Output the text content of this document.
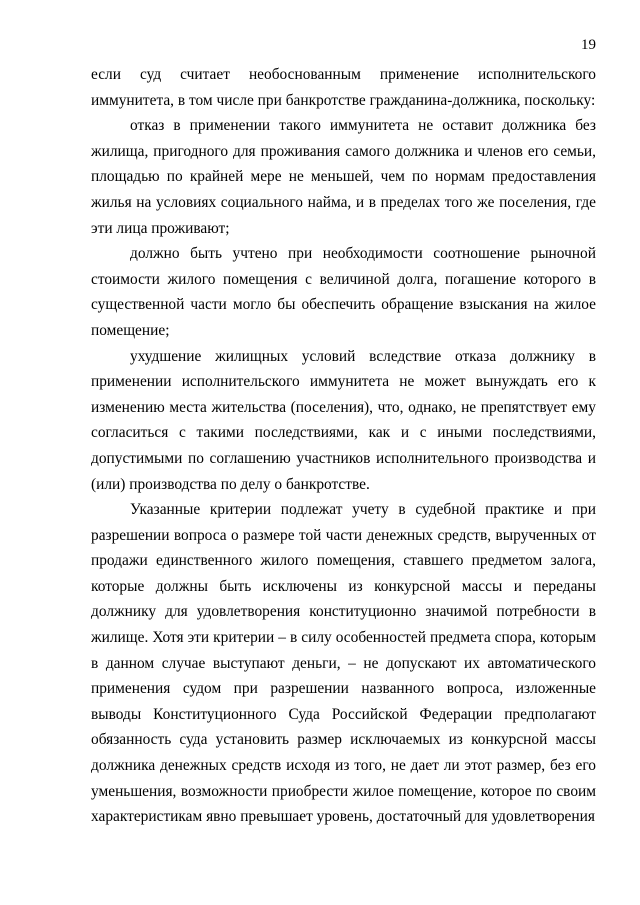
19

если суд считает необоснованным применение исполнительского иммунитета, в том числе при банкротстве гражданина-должника, поскольку:

отказ в применении такого иммунитета не оставит должника без жилища, пригодного для проживания самого должника и членов его семьи, площадью по крайней мере не меньшей, чем по нормам предоставления жилья на условиях социального найма, и в пределах того же поселения, где эти лица проживают;

должно быть учтено при необходимости соотношение рыночной стоимости жилого помещения с величиной долга, погашение которого в существенной части могло бы обеспечить обращение взыскания на жилое помещение;

ухудшение жилищных условий вследствие отказа должнику в применении исполнительского иммунитета не может вынуждать его к изменению места жительства (поселения), что, однако, не препятствует ему согласиться с такими последствиями, как и с иными последствиями, допустимыми по соглашению участников исполнительного производства и (или) производства по делу о банкротстве.

Указанные критерии подлежат учету в судебной практике и при разрешении вопроса о размере той части денежных средств, вырученных от продажи единственного жилого помещения, ставшего предметом залога, которые должны быть исключены из конкурсной массы и переданы должнику для удовлетворения конституционно значимой потребности в жилище. Хотя эти критерии – в силу особенностей предмета спора, которым в данном случае выступают деньги, – не допускают их автоматического применения судом при разрешении названного вопроса, изложенные выводы Конституционного Суда Российской Федерации предполагают обязанность суда установить размер исключаемых из конкурсной массы должника денежных средств исходя из того, не дает ли этот размер, без его уменьшения, возможности приобрести жилое помещение, которое по своим характеристикам явно превышает уровень, достаточный для удовлетворения
